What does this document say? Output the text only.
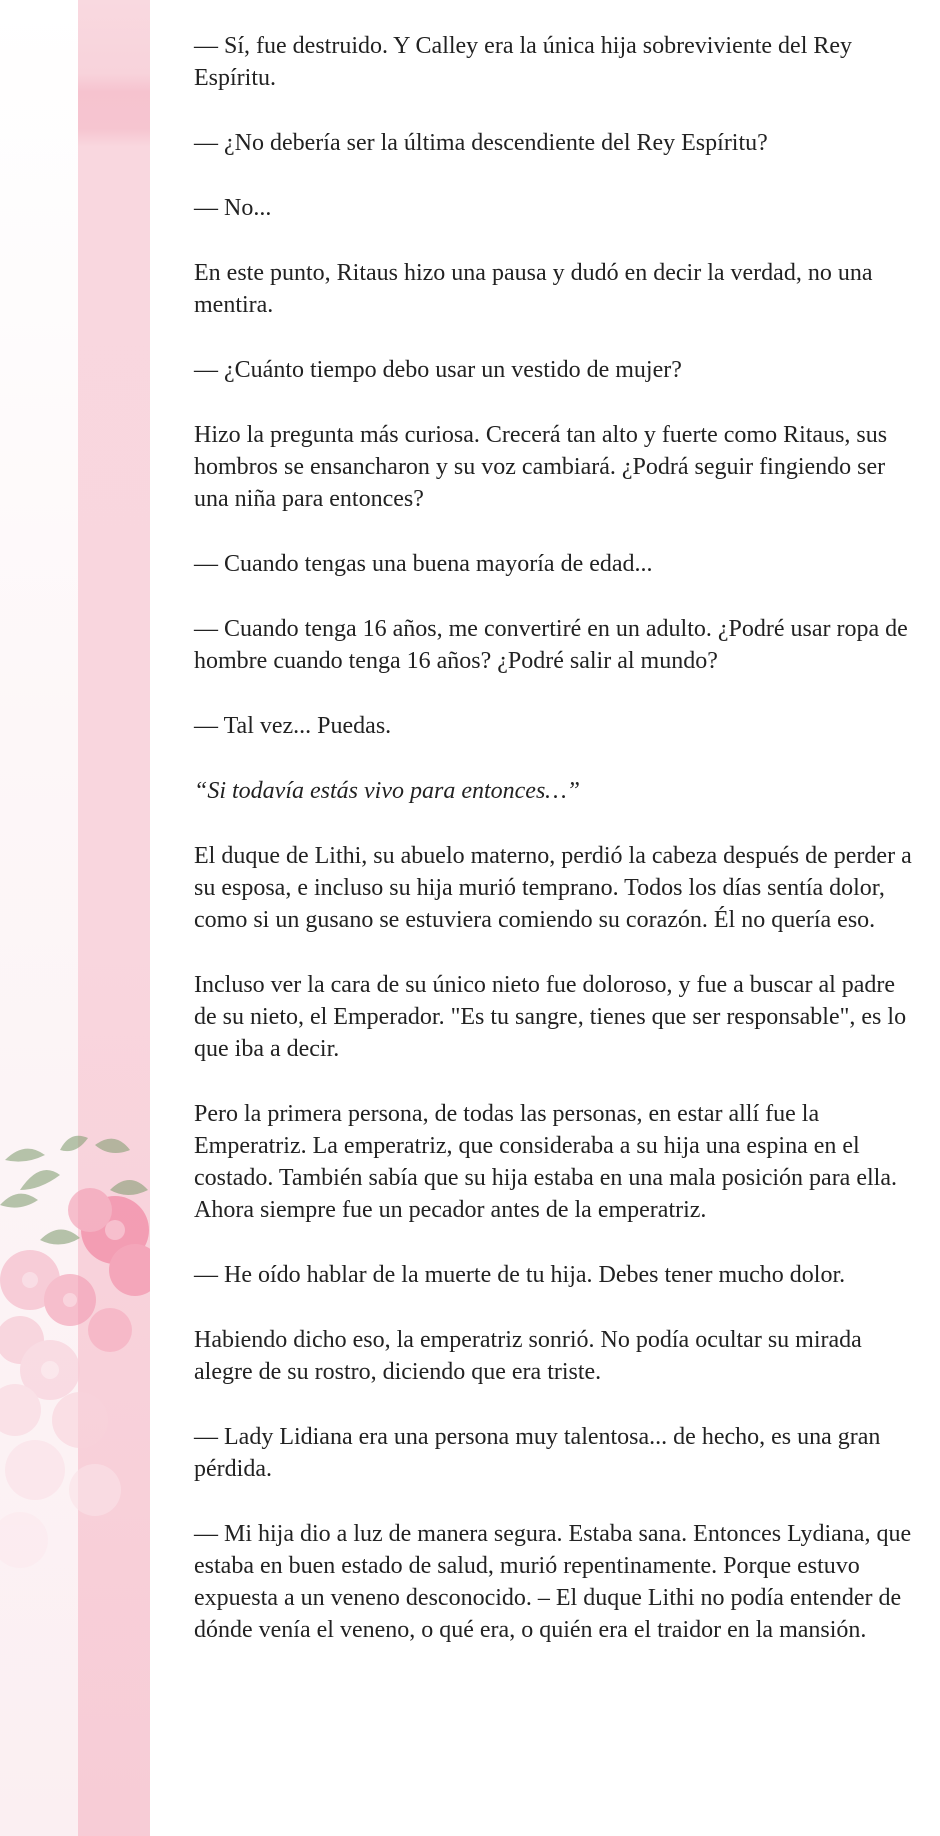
— Sí, fue destruido. Y Calley era la única hija sobreviviente del Rey Espíritu.

— ¿No debería ser la última descendiente del Rey Espíritu?

— No...

En este punto, Ritaus hizo una pausa y dudó en decir la verdad, no una mentira.

— ¿Cuánto tiempo debo usar un vestido de mujer?

Hizo la pregunta más curiosa. Crecerá tan alto y fuerte como Ritaus, sus hombros se ensancharon y su voz cambiará. ¿Podrá seguir fingiendo ser una niña para entonces?

— Cuando tengas una buena mayoría de edad...

— Cuando tenga 16 años, me convertiré en un adulto. ¿Podré usar ropa de hombre cuando tenga 16 años? ¿Podré salir al mundo?

— Tal vez... Puedas.

“Si todavía estás vivo para entonces…”

El duque de Lithi, su abuelo materno, perdió la cabeza después de perder a su esposa, e incluso su hija murió temprano. Todos los días sentía dolor, como si un gusano se estuviera comiendo su corazón. Él no quería eso.

Incluso ver la cara de su único nieto fue doloroso, y fue a buscar al padre de su nieto, el Emperador. "Es tu sangre, tienes que ser responsable", es lo que iba a decir.

Pero la primera persona, de todas las personas, en estar allí fue la Emperatriz. La emperatriz, que consideraba a su hija una espina en el costado. También sabía que su hija estaba en una mala posición para ella. Ahora siempre fue un pecador antes de la emperatriz.

— He oído hablar de la muerte de tu hija. Debes tener mucho dolor.

Habiendo dicho eso, la emperatriz sonrió. No podía ocultar su mirada alegre de su rostro, diciendo que era triste.

— Lady Lidiana era una persona muy talentosa... de hecho, es una gran pérdida.

— Mi hija dio a luz de manera segura. Estaba sana. Entonces Lydiana, que estaba en buen estado de salud, murió repentinamente. Porque estuvo expuesta a un veneno desconocido. – El duque Lithi no podía entender de dónde venía el veneno, o qué era, o quién era el traidor en la mansión.
